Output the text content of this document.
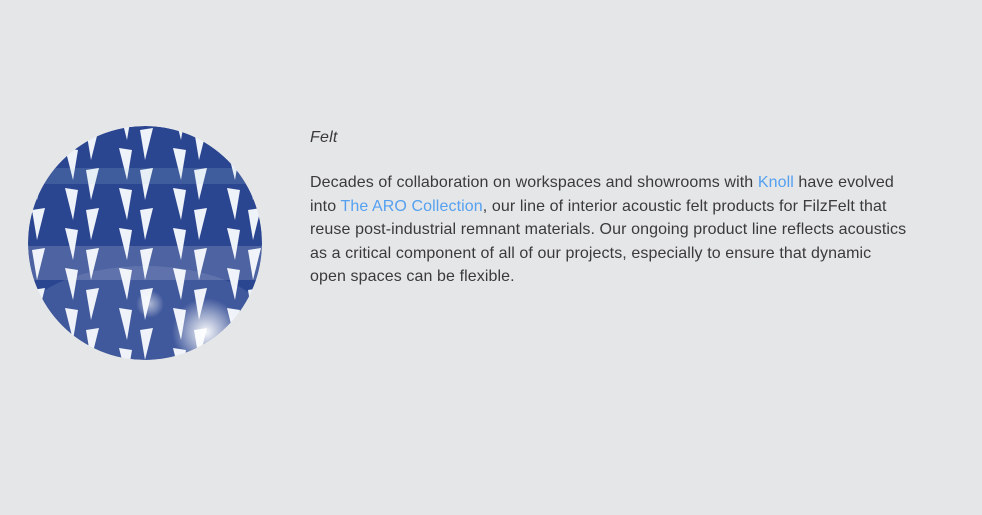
Felt
Decades of collaboration on workspaces and showrooms with Knoll have evolved
into The ARO Collection, our line of interior acoustic felt products for FilzFelt that
reuse post-industrial remnant materials. Our ongoing product line reflects acoustics
as a critical component of all of our projects, especially to ensure that dynamic
open spaces can be flexible.
